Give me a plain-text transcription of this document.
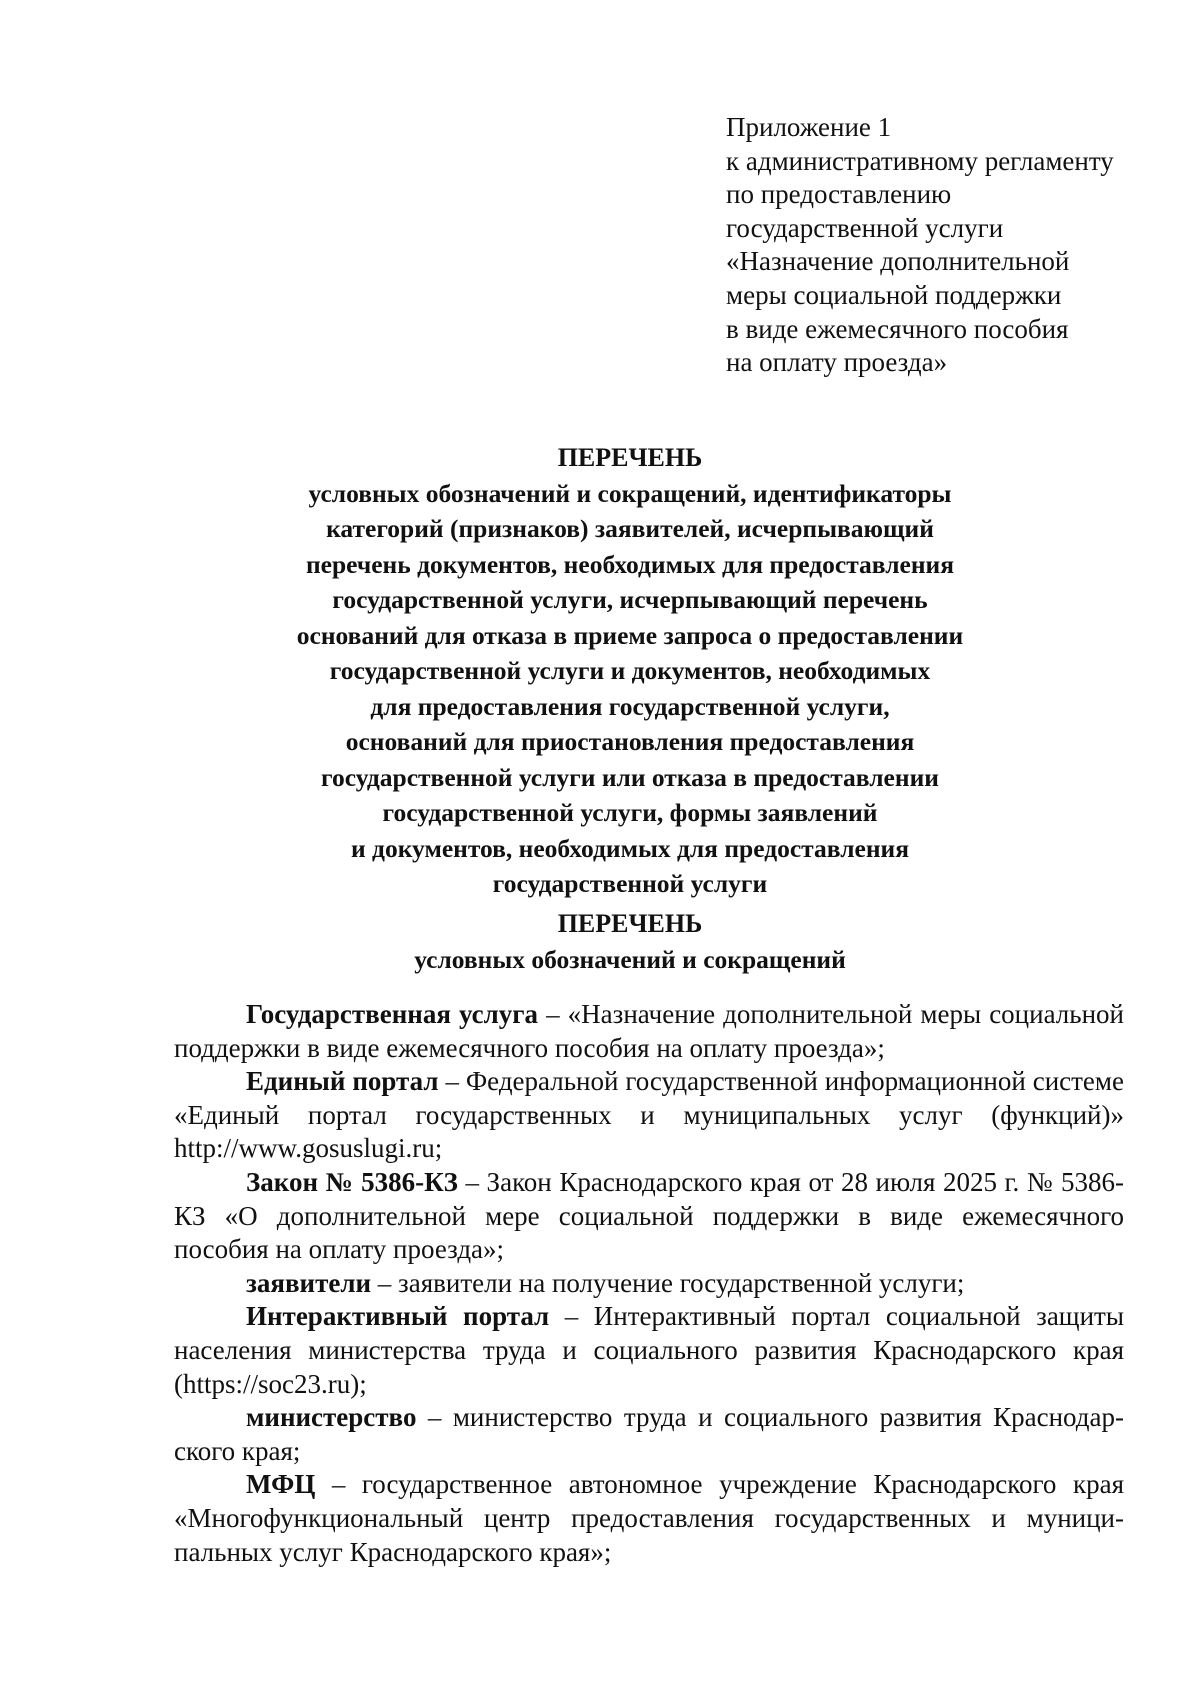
Приложение 1
к административному регламенту
по предоставлению
государственной услуги
«Назначение дополнительной
меры социальной поддержки
в виде ежемесячного пособия
на оплату проезда»
ПЕРЕЧЕНЬ
условных обозначений и сокращений, идентификаторы
категорий (признаков) заявителей, исчерпывающий
перечень документов, необходимых для предоставления
государственной услуги, исчерпывающий перечень
оснований для отказа в приеме запроса о предоставлении
государственной услуги и документов, необходимых
для предоставления государственной услуги,
оснований для приостановления предоставления
государственной услуги или отказа в предоставлении
государственной услуги, формы заявлений
и документов, необходимых для предоставления
государственной услуги
ПЕРЕЧЕНЬ
условных обозначений и сокращений

Государственная услуга – «Назначение дополнительной меры социальной поддержки в виде ежемесячного пособия на оплату проезда»;

Единый портал – Федеральной государственной информационной системе «Единый портал государственных и муниципальных услуг (функций)» http://www.gosuslugi.ru;

Закон № 5386-КЗ – Закон Краснодарского края от 28 июля 2025 г. № 5386-КЗ «О дополнительной мере социальной поддержки в виде ежемесячного пособия на оплату проезда»;

заявители – заявители на получение государственной услуги;

Интерактивный портал – Интерактивный портал социальной защиты населения министерства труда и социального развития Краснодарского края (https://soc23.ru);

министерство – министерство труда и социального развития Краснодарского края;

МФЦ – государственное автономное учреждение Краснодарского края «Многофункциональный центр предоставления государственных и муниципальных услуг Краснодарского края»;
